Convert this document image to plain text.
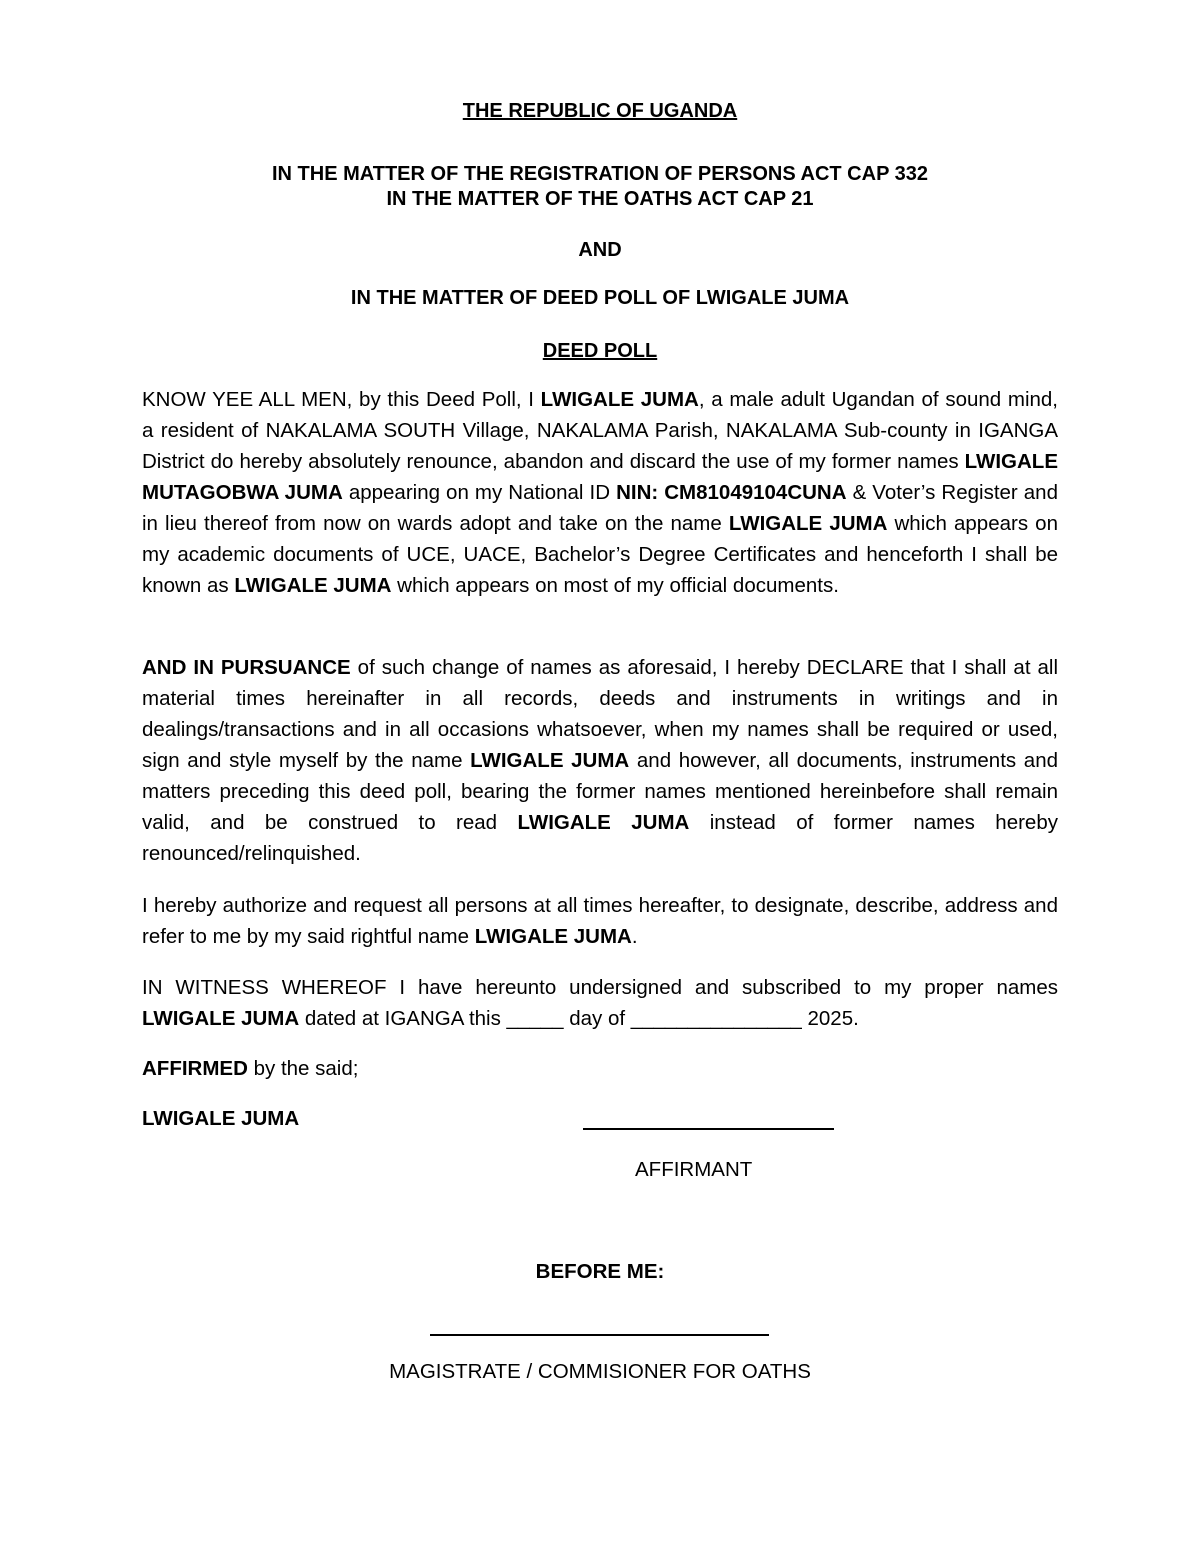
THE REPUBLIC OF UGANDA
IN THE MATTER OF THE REGISTRATION OF PERSONS ACT CAP 332
IN THE MATTER OF THE OATHS ACT CAP 21
AND
IN THE MATTER OF DEED POLL OF LWIGALE JUMA
DEED POLL

KNOW YEE ALL MEN, by this Deed Poll, I LWIGALE JUMA, a male adult Ugandan of sound mind, a resident of NAKALAMA SOUTH Village, NAKALAMA Parish, NAKALAMA Sub-county in IGANGA District do hereby absolutely renounce, abandon and discard the use of my former names LWIGALE MUTAGOBWA JUMA appearing on my National ID NIN: CM81049104CUNA & Voter’s Register and in lieu thereof from now on wards adopt and take on the name LWIGALE JUMA which appears on my academic documents of UCE, UACE, Bachelor’s Degree Certificates and henceforth I shall be known as LWIGALE JUMA which appears on most of my official documents.

AND IN PURSUANCE of such change of names as aforesaid, I hereby DECLARE that I shall at all material times hereinafter in all records, deeds and instruments in writings and in dealings/transactions and in all occasions whatsoever, when my names shall be required or used, sign and style myself by the name LWIGALE JUMA and however, all documents, instruments and matters preceding this deed poll, bearing the former names mentioned hereinbefore shall remain valid, and be construed to read LWIGALE JUMA instead of former names hereby renounced/relinquished.

I hereby authorize and request all persons at all times hereafter, to designate, describe, address and refer to me by my said rightful name LWIGALE JUMA.

IN WITNESS WHEREOF I have hereunto undersigned and subscribed to my proper names LWIGALE JUMA dated at IGANGA this _____ day of _______________ 2025.

AFFIRMED by the said;
LWIGALE JUMA
AFFIRMANT
BEFORE ME:
MAGISTRATE / COMMISIONER FOR OATHS
